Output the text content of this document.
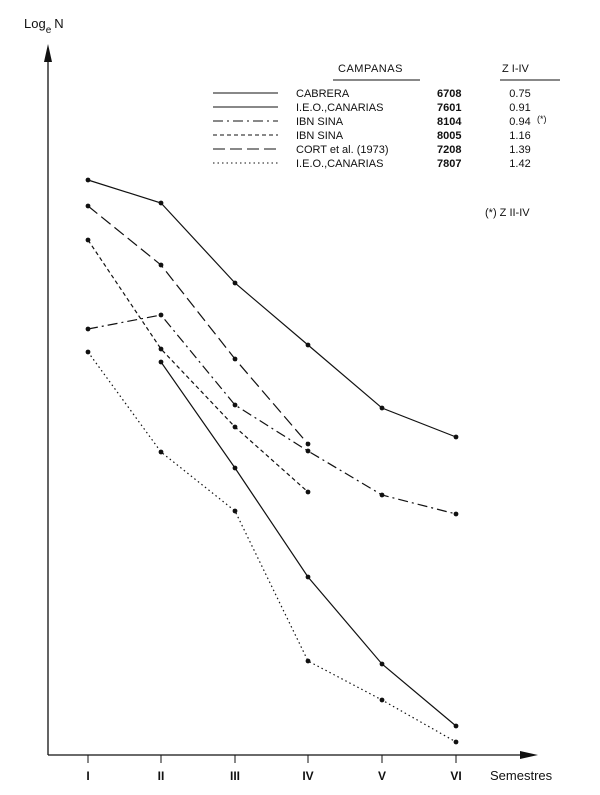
I	II	III	IV	V	VI
Log$_e$ N
Semestres
CAMPANAS	Z I-IV
CABRERA	6708	0.75
I.E.O.,CANARIAS	7601	0.91
IBN SINA	8104	0.94 (*)
IBN SINA	8005	1.16
CORT et al. (1973)	7208	1.39
I.E.O.,CANARIAS	7807	1.42
(*) Z II-IV
